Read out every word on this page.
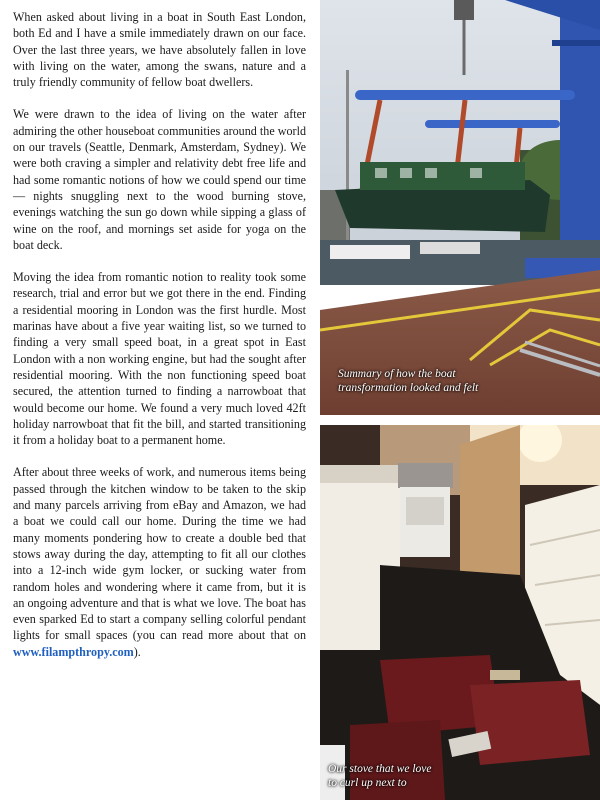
When asked about living in a boat in South East London, both Ed and I have a smile immediately drawn on our face. Over the last three years, we have absolutely fallen in love with living on the water, among the swans, nature and a truly friendly community of fellow boat dwellers.

We were drawn to the idea of living on the water after admiring the other houseboat communities around the world on our travels (Seattle, Denmark, Amsterdam, Sydney). We were both craving a simpler and relativity debt free life and had some romantic notions of how we could spend our time — nights snuggling next to the wood burning stove, evenings watching the sun go down while sipping a glass of wine on the roof, and mornings set aside for yoga on the boat deck.

Moving the idea from romantic notion to reality took some research, trial and error but we got there in the end. Finding a residential mooring in London was the first hurdle. Most marinas have about a five year waiting list, so we turned to finding a very small speed boat, in a great spot in East London with a non working engine, but had the sought after residential mooring. With the non functioning speed boat secured, the attention turned to finding a narrowboat that would become our home. We found a very much loved 42ft holiday narrowboat that fit the bill, and started transitioning it from a holiday boat to a permanent home.

After about three weeks of work, and numerous items being passed through the kitchen window to be taken to the skip and many parcels arriving from eBay and Amazon, we had a boat we could call our home. During the time we had many moments pondering how to create a double bed that stows away during the day, attempting to fit all our clothes into a 12-inch wide gym locker, or sucking water from random holes and wondering where it came from, but it is an ongoing adventure and that is what we love. The boat has even sparked Ed to start a company selling colorful pendant lights for small spaces (you can read more about that on www.filampthropy.com).

Summary of how the boat
transformation looked and felt
Our stove that we love
to curl up next to
